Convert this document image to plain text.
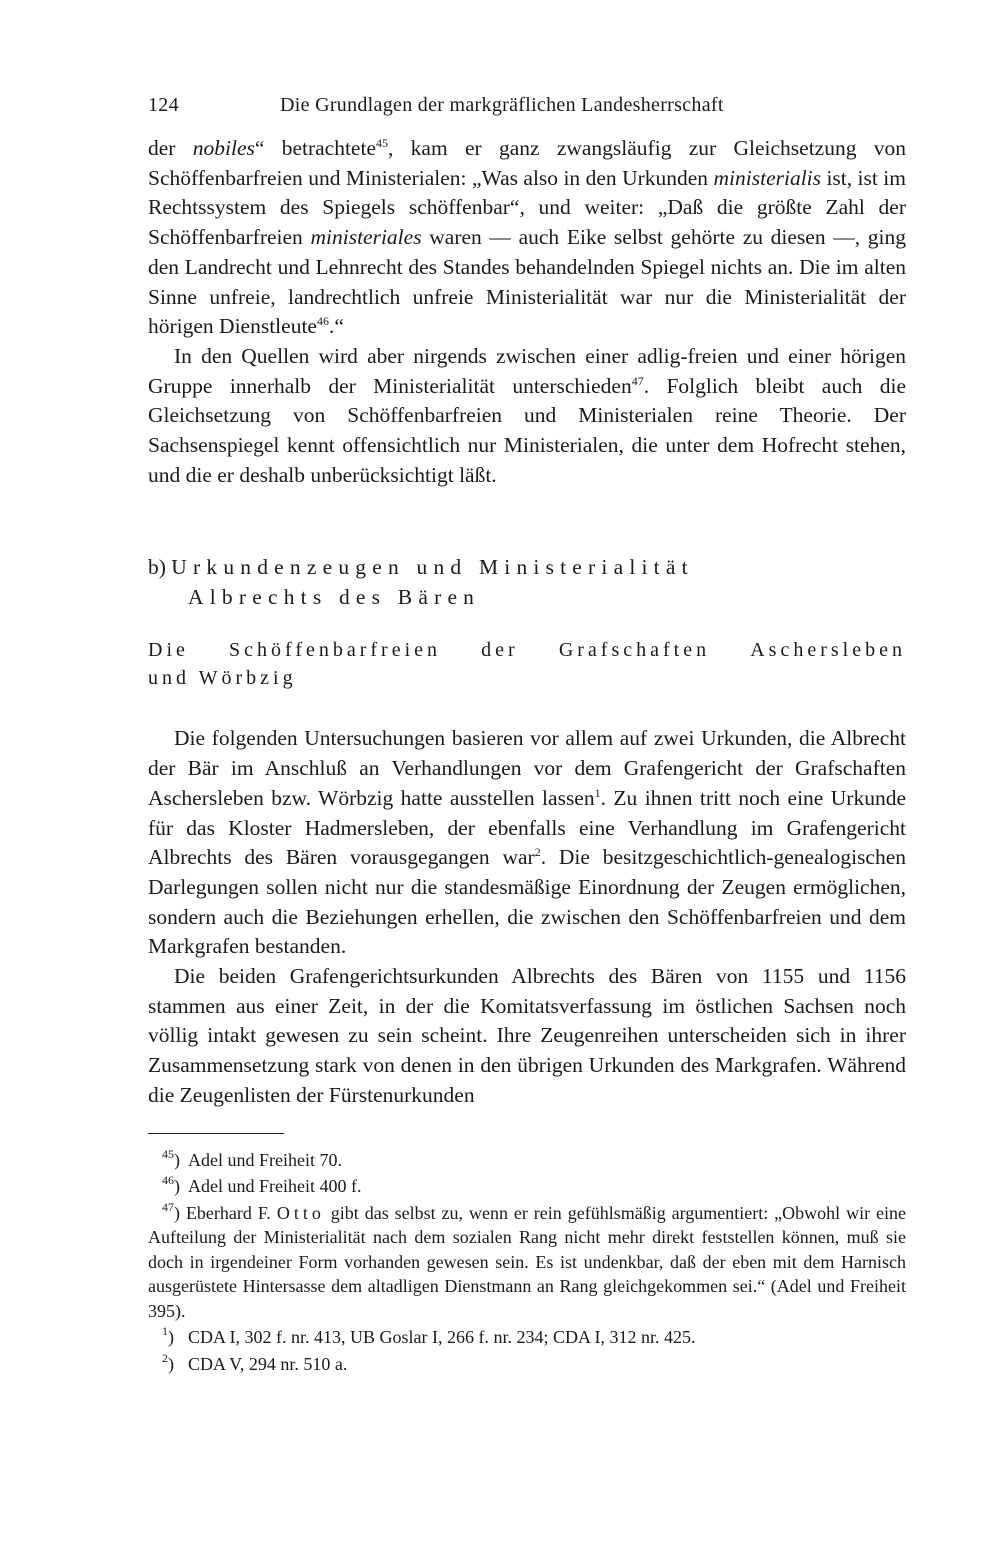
124	Die Grundlagen der markgräflichen Landesherrschaft

der nobiles“ betrachtete$^{45}$, kam er ganz zwangsläufig zur Gleichsetzung von Schöffenbarfreien und Ministerialen: „Was also in den Urkunden ministerialis ist, ist im Rechtssystem des Spiegels schöffenbar“, und weiter: „Daß die größte Zahl der Schöffenbarfreien ministeriales waren — auch Eike selbst gehörte zu diesen —, ging den Landrecht und Lehnrecht des Standes behandelnden Spiegel nichts an. Die im alten Sinne unfreie, landrechtlich unfreie Ministerialität war nur die Ministerialität der hörigen Dienstleute$^{46}$.“

In den Quellen wird aber nirgends zwischen einer adlig-freien und einer hörigen Gruppe innerhalb der Ministerialität unterschieden$^{47}$. Folglich bleibt auch die Gleichsetzung von Schöffenbarfreien und Ministerialen reine Theorie. Der Sachsenspiegel kennt offensichtlich nur Ministerialen, die unter dem Hofrecht stehen, und die er deshalb unberücksichtigt läßt.

b) Urkundenzeugen und Ministerialität
Albrechts des Bären
Die Schöffenbarfreien der Grafschaften Aschersleben
und Wörbzig

Die folgenden Untersuchungen basieren vor allem auf zwei Urkunden, die Albrecht der Bär im Anschluß an Verhandlungen vor dem Grafengericht der Grafschaften Aschersleben bzw. Wörbzig hatte ausstellen lassen$^1$. Zu ihnen tritt noch eine Urkunde für das Kloster Hadmersleben, der ebenfalls eine Verhandlung im Grafengericht Albrechts des Bären vorausgegangen war$^2$. Die besitzgeschichtlich-genealogischen Darlegungen sollen nicht nur die standesmäßige Einordnung der Zeugen ermöglichen, sondern auch die Beziehungen erhellen, die zwischen den Schöffenbarfreien und dem Markgrafen bestanden.

Die beiden Grafengerichtsurkunden Albrechts des Bären von 1155 und 1156 stammen aus einer Zeit, in der die Komitatsverfassung im östlichen Sachsen noch völlig intakt gewesen zu sein scheint. Ihre Zeugenreihen unterscheiden sich in ihrer Zusammensetzung stark von denen in den übrigen Urkunden des Markgrafen. Während die Zeugenlisten der Fürstenurkunden

$^{45}$) Adel und Freiheit 70.
$^{46}$) Adel und Freiheit 400 f.
$^{47}$) Eberhard F. Otto gibt das selbst zu, wenn er rein gefühlsmäßig argumentiert: „Obwohl wir eine Aufteilung der Ministerialität nach dem sozialen Rang nicht mehr direkt feststellen können, muß sie doch in irgendeiner Form vorhanden gewesen sein. Es ist undenkbar, daß der eben mit dem Harnisch ausgerüstete Hintersasse dem altadligen Dienstmann an Rang gleichgekommen sei.“ (Adel und Freiheit 395).
$^1$) CDA I, 302 f. nr. 413, UB Goslar I, 266 f. nr. 234; CDA I, 312 nr. 425.
$^2$) CDA V, 294 nr. 510 a.
